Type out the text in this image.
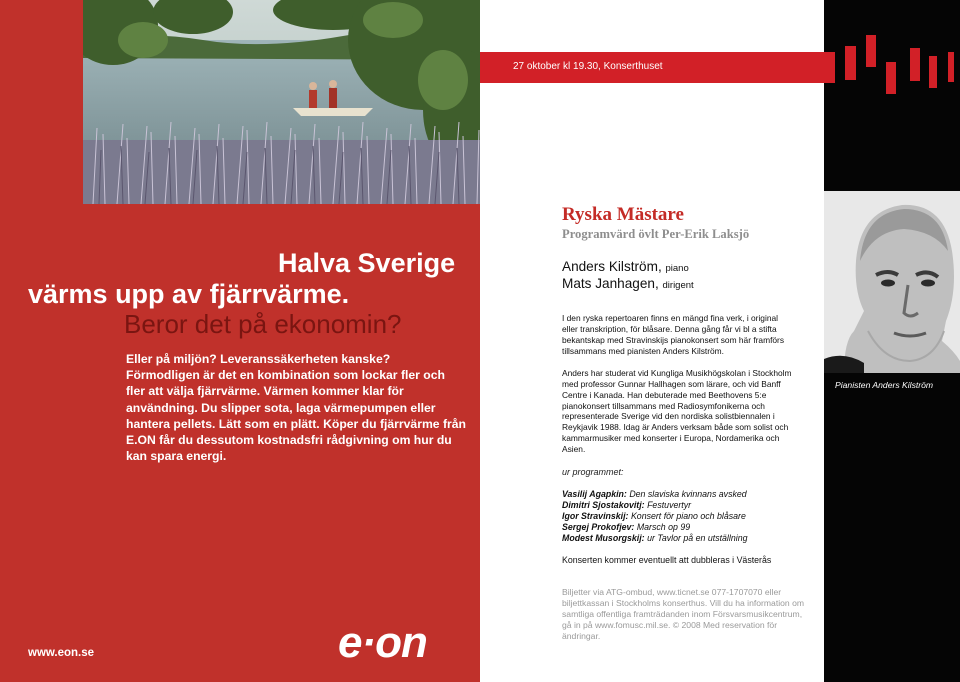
Halva Sverige
värms upp av fjärrvärme.
Beror det på ekonomin?
Eller på miljön? Leveranssäkerheten kanske? Förmodligen är det en kombination som lockar fler och fler att välja fjärrvärme. Värmen kommer klar för användning. Du slipper sota, laga värmepumpen eller hantera pellets. Lätt som en plätt. Köper du fjärrvärme från E.ON får du dessutom kostnadsfri rådgivning om hur du kan spara energi.
www.eon.se	e·on
Pianisten Anders Kilström
27 oktober kl 19.30, Konserthuset
Ryska Mästare
Programvärd övlt Per-Erik Laksjö
Anders Kilström, piano
Mats Janhagen, dirigent
I den ryska repertoaren finns en mängd fina verk, i original eller transkription, för blåsare. Denna gång får vi bl a stifta bekantskap med Stravinskijs pianokonsert som här framförs tillsammans med pianisten Anders Kilström.
Anders har studerat vid Kungliga Musikhögskolan i Stockholm med professor Gunnar Hallhagen som lärare, och vid Banff Centre i Kanada. Han debuterade med Beethovens 5:e pianokonsert tillsammans med Radiosymfonikerna och representerade Sverige vid den nordiska solistbiennalen i Reykjavik 1988. Idag är Anders verksam både som solist och kammarmusiker med konserter i Europa, Nordamerika och Asien.
ur programmet:
Vasilij Agapkin: Den slaviska kvinnans avsked
Dimitri Sjostakovitj: Festuvertyr
Igor Stravinskij: Konsert för piano och blåsare
Sergej Prokofjev: Marsch op 99
Modest Musorgskij: ur Tavlor på en utställning
Konserten kommer eventuellt att dubbleras i Västerås
Biljetter via ATG-ombud, www.ticnet.se 077-1707070 eller biljettkassan i Stockholms konserthus. Vill du ha information om samtliga offentliga framträdanden inom Försvarsmusikcentrum, gå in på www.fomusc.mil.se. © 2008 Med reservation för ändringar.
